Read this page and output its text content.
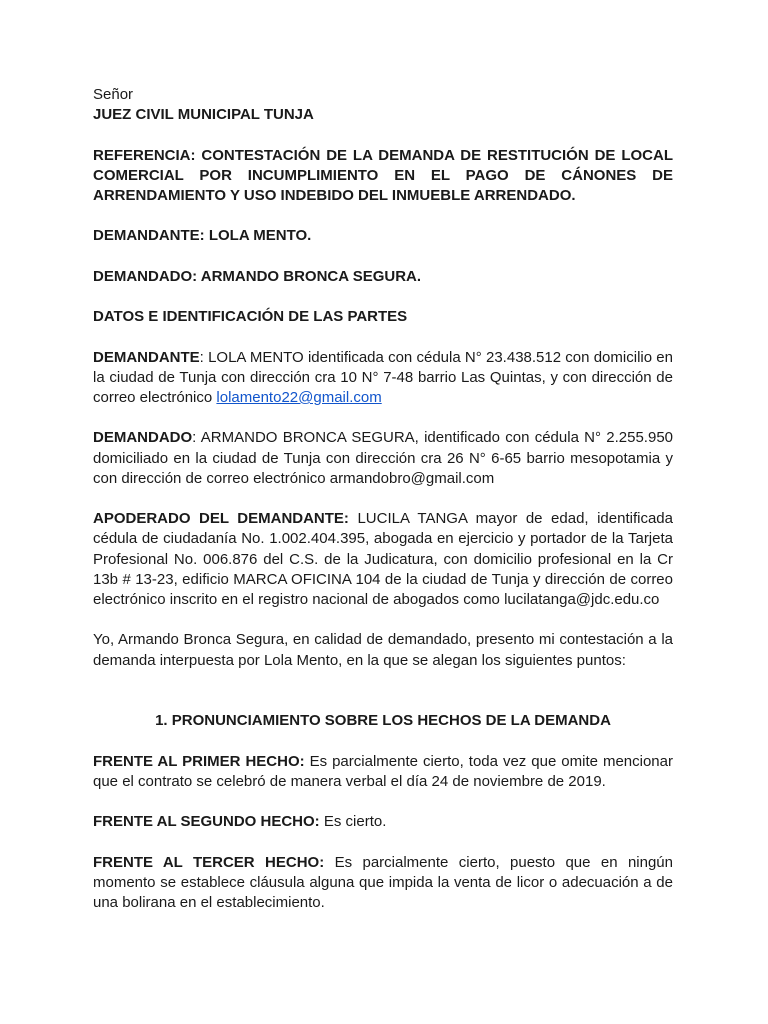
Señor

JUEZ CIVIL MUNICIPAL TUNJA

REFERENCIA: CONTESTACIÓN DE LA DEMANDA DE RESTITUCIÓN DE LOCAL COMERCIAL POR INCUMPLIMIENTO EN EL PAGO DE CÁNONES DE ARRENDAMIENTO Y USO INDEBIDO DEL INMUEBLE ARRENDADO.

DEMANDANTE: LOLA MENTO.

DEMANDADO: ARMANDO BRONCA SEGURA.

DATOS E IDENTIFICACIÓN DE LAS PARTES

DEMANDANTE: LOLA MENTO identificada con cédula N° 23.438.512 con domicilio en la ciudad de Tunja con dirección cra 10 N° 7-48 barrio Las Quintas, y con dirección de correo electrónico lolamento22@gmail.com

DEMANDADO: ARMANDO BRONCA SEGURA, identificado con cédula N° 2.255.950 domiciliado en la ciudad de Tunja con dirección cra 26 N° 6-65 barrio mesopotamia y con dirección de correo electrónico armandobro@gmail.com

APODERADO DEL DEMANDANTE: LUCILA TANGA mayor de edad, identificada cédula de ciudadanía No. 1.002.404.395, abogada en ejercicio y portador de la Tarjeta Profesional No. 006.876 del C.S. de la Judicatura, con domicilio profesional en la Cr 13b # 13-23, edificio MARCA OFICINA 104 de la ciudad de Tunja y dirección de correo electrónico inscrito en el registro nacional de abogados como lucilatanga@jdc.edu.co

Yo, Armando Bronca Segura, en calidad de demandado, presento mi contestación a la demanda interpuesta por Lola Mento, en la que se alegan los siguientes puntos:

1. PRONUNCIAMIENTO SOBRE LOS HECHOS DE LA DEMANDA

FRENTE AL PRIMER HECHO: Es parcialmente cierto, toda vez que omite mencionar que el contrato se celebró de manera verbal el día 24 de noviembre de 2019.

FRENTE AL SEGUNDO HECHO: Es cierto.

FRENTE AL TERCER HECHO: Es parcialmente cierto, puesto que en ningún momento se establece cláusula alguna que impida la venta de licor o adecuación a de una bolirana en el establecimiento.
